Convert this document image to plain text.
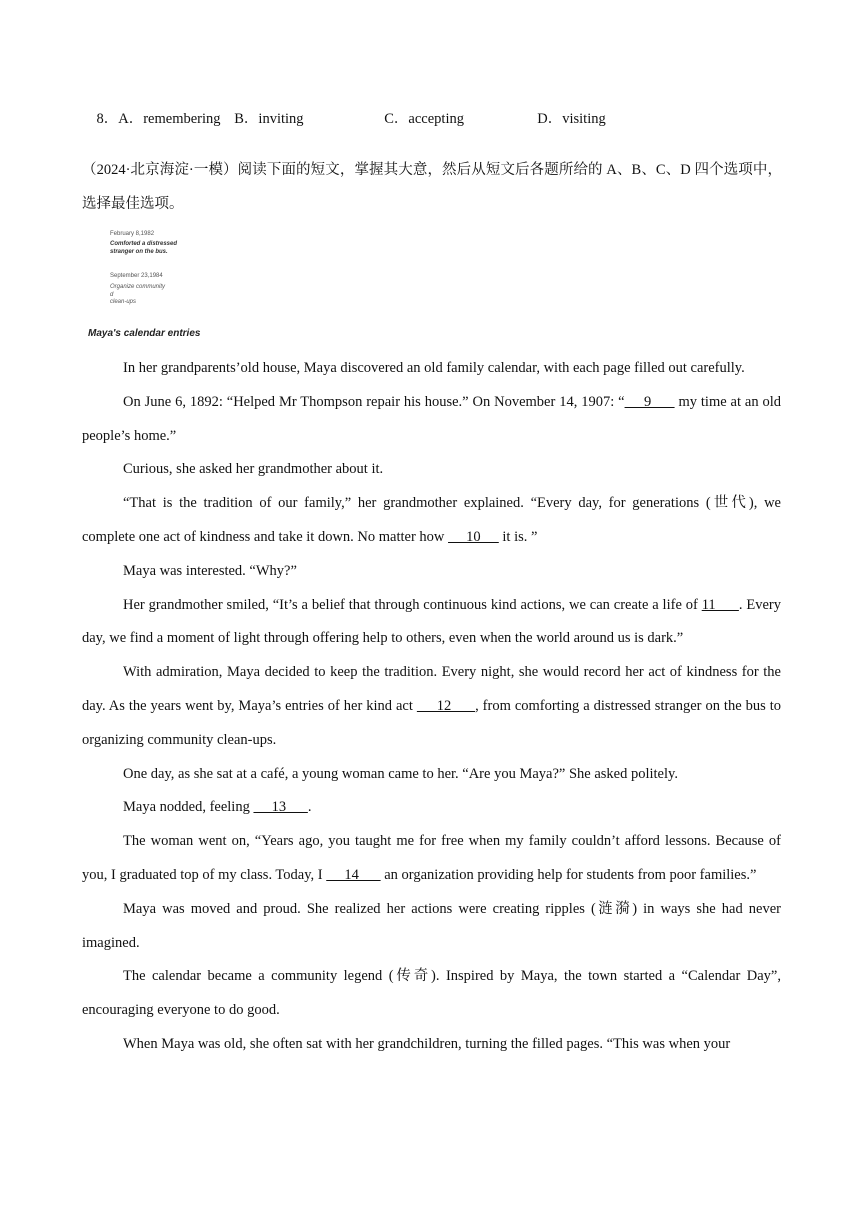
8．A．remembering B．inviting	C．accepting	D．visiting

（2024·北京海淀·一模）阅读下面的短文，掌握其大意，然后从短文后各题所给的 A、B、C、D 四个选项中，选择最佳选项。
February 8,1982
Comforted a distressed
stranger on the bus.
September 23,1984
Organize community
d
clean-ups
Maya's calendar entries

In her grandparents’old house, Maya discovered an old family calendar, with each page filled out carefully.

On June 6, 1892: “Helped Mr Thompson repair his house.” On November 14, 1907: “     9       my time at an old people’s home.”

Curious, she asked her grandmother about it.

“That is the tradition of our family,” her grandmother explained. “Every day, for generations (世代), we complete one act of kindness and take it down. No matter how      10      it is. ”

Maya was interested. “Why?”

Her grandmother smiled, “It’s a belief that through continuous kind actions, we can create a life of 11      . Every day, we find a moment of light through offering help to others, even when the world around us is dark.”

With admiration, Maya decided to keep the tradition. Every night, she would record her act of kindness for the day. As the years went by, Maya’s entries of her kind act      12      , from comforting a distressed stranger on the bus to organizing community clean-ups.

One day, as she sat at a café, a young woman came to her. “Are you Maya?” She asked politely.

Maya nodded, feeling      13      .

The woman went on, “Years ago, you taught me for free when my family couldn’t afford lessons. Because of you, I graduated top of my class. Today, I      14       an organization providing help for students from poor families.”

Maya was moved and proud. She realized her actions were creating ripples (涟漪) in ways she had never imagined.

The calendar became a community legend (传奇). Inspired by Maya, the town started a “Calendar Day”, encouraging everyone to do good.

When Maya was old, she often sat with her grandchildren, turning the filled pages. “This was when your
